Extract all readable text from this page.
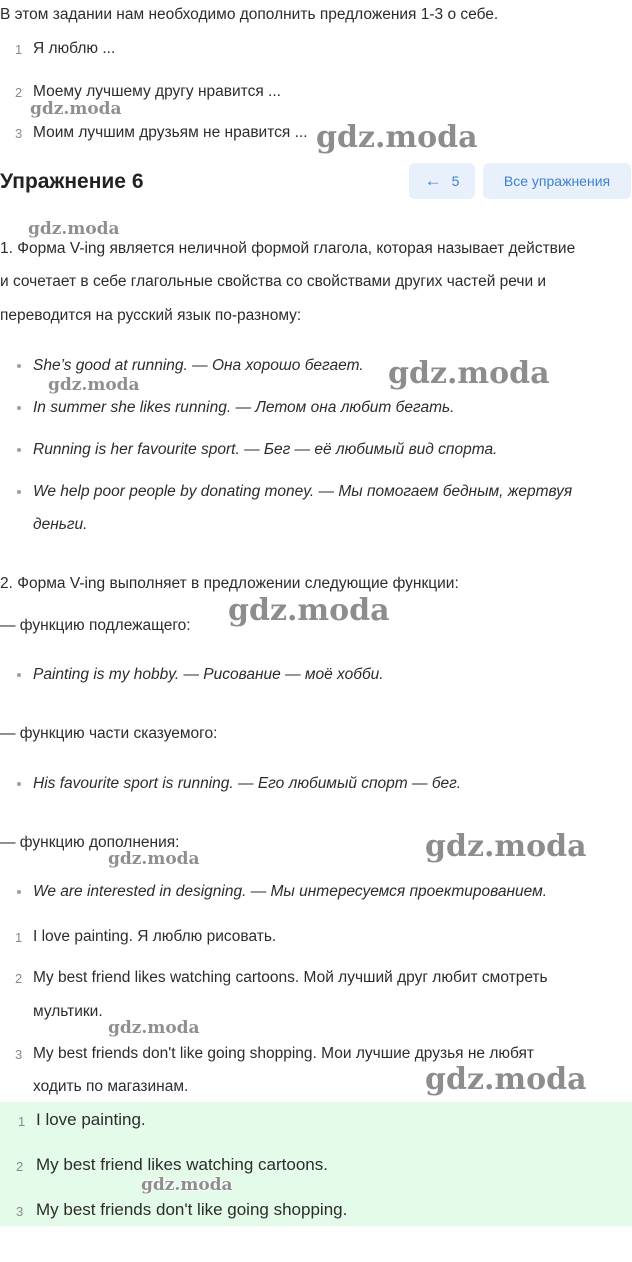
В этом задании нам необходимо дополнить предложения 1-3 о себе.
1 Я люблю ...
2 Моему лучшему другу нравится ...
3 Моим лучшим друзьям не нравится ...
Упражнение 6	← 5	Все упражнения
1. Форма V-ing является неличной формой глагола, которая называет действие
и сочетает в себе глагольные свойства со свойствами других частей речи и
переводится на русский язык по-разному:
She’s good at running. — Она хорошо бегает.
In summer she likes running. — Летом она любит бегать.
Running is her favourite sport. — Бег — её любимый вид спорта.
We help poor people by donating money. — Мы помогаем бедным, жертвуя
деньги.
2. Форма V-ing выполняет в предложении следующие функции:
— функцию подлежащего:
Painting is my hobby. — Рисование — моё хобби.
— функцию части сказуемого:
His favourite sport is running. — Его любимый спорт — бег.
— функцию дополнения:
We are interested in designing. — Мы интересуемся проектированием.
1 I love painting. Я люблю рисовать.
2 My best friend likes watching cartoons. Мой лучший друг любит смотреть
мультики.
3 My best friends don't like going shopping. Мои лучшие друзья не любят
ходить по магазинам.
1 I love painting.
2 My best friend likes watching cartoons.
3 My best friends don't like going shopping.
gdz.moda
gdz.moda
gdz.moda
gdz.moda
gdz.moda
gdz.moda
gdz.moda
gdz.moda
gdz.moda
gdz.moda
gdz.moda
